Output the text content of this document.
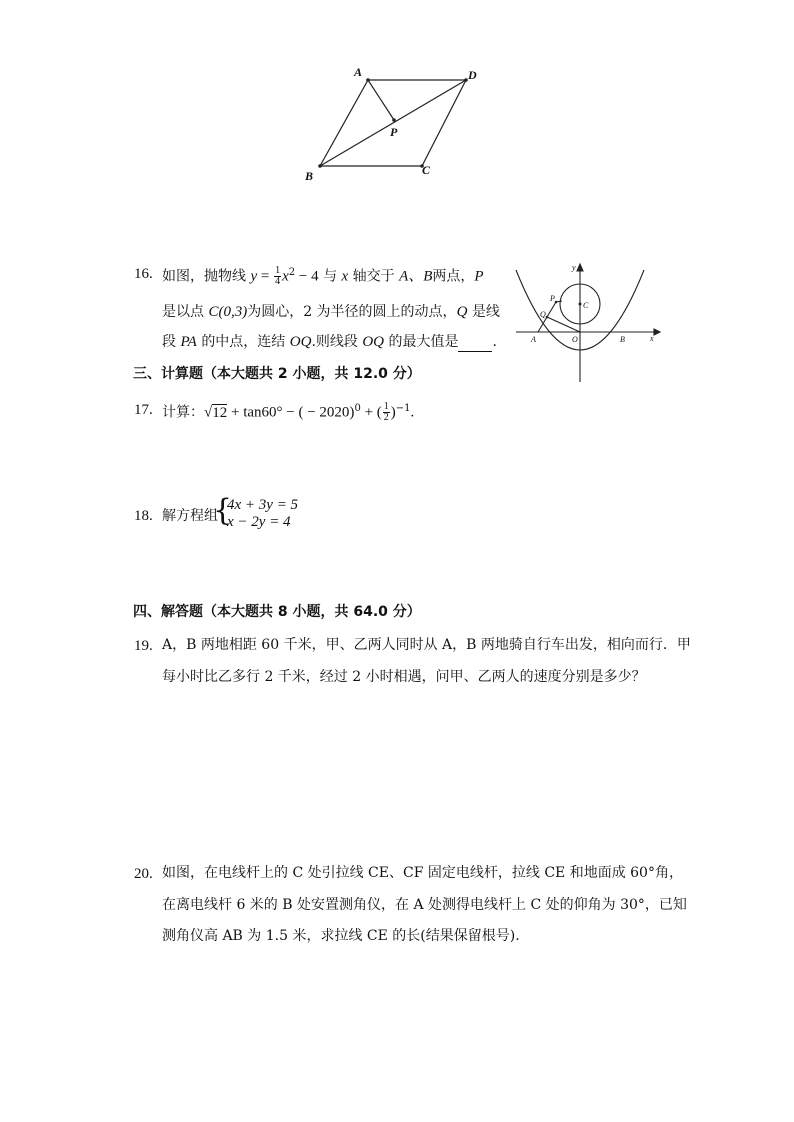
A	D
P
C
B
16. 如图，抛物线 $y = \frac{1}{4} x^2 - 4$ 与 x 轴交于 A、B两点，P
是以点 C(0,3)为圆心，2 为半径的圆上的动点，Q 是线
段 PA 的中点，连结 OQ.则线段 OQ 的最大值是 .
y
x
A	B
O
C
P
Q
三、计算题（本大题共 2 小题，共 12.0 分）
17. 计算：√12 + tan60° − ( − 2020)$^0$ + ( $\frac{1}{2} )^{-1}$.
18. 解方程组
{
4x + 3y = 5
x − 2y = 4
四、解答题（本大题共 8 小题，共 64.0 分）
19. A，B 两地相距 60 千米，甲、乙两人同时从 A，B 两地骑自行车出发，相向而行．甲
每小时比乙多行 2 千米，经过 2 小时相遇，问甲、乙两人的速度分别是多少？
20. 如图，在电线杆上的 C 处引拉线 CE、CF 固定电线杆，拉线 CE 和地面成 60°角，
在离电线杆 6 米的 B 处安置测角仪，在 A 处测得电线杆上 C 处的仰角为 30°，已知
测角仪高 AB 为 1.5 米，求拉线 CE 的长(结果保留根号).
